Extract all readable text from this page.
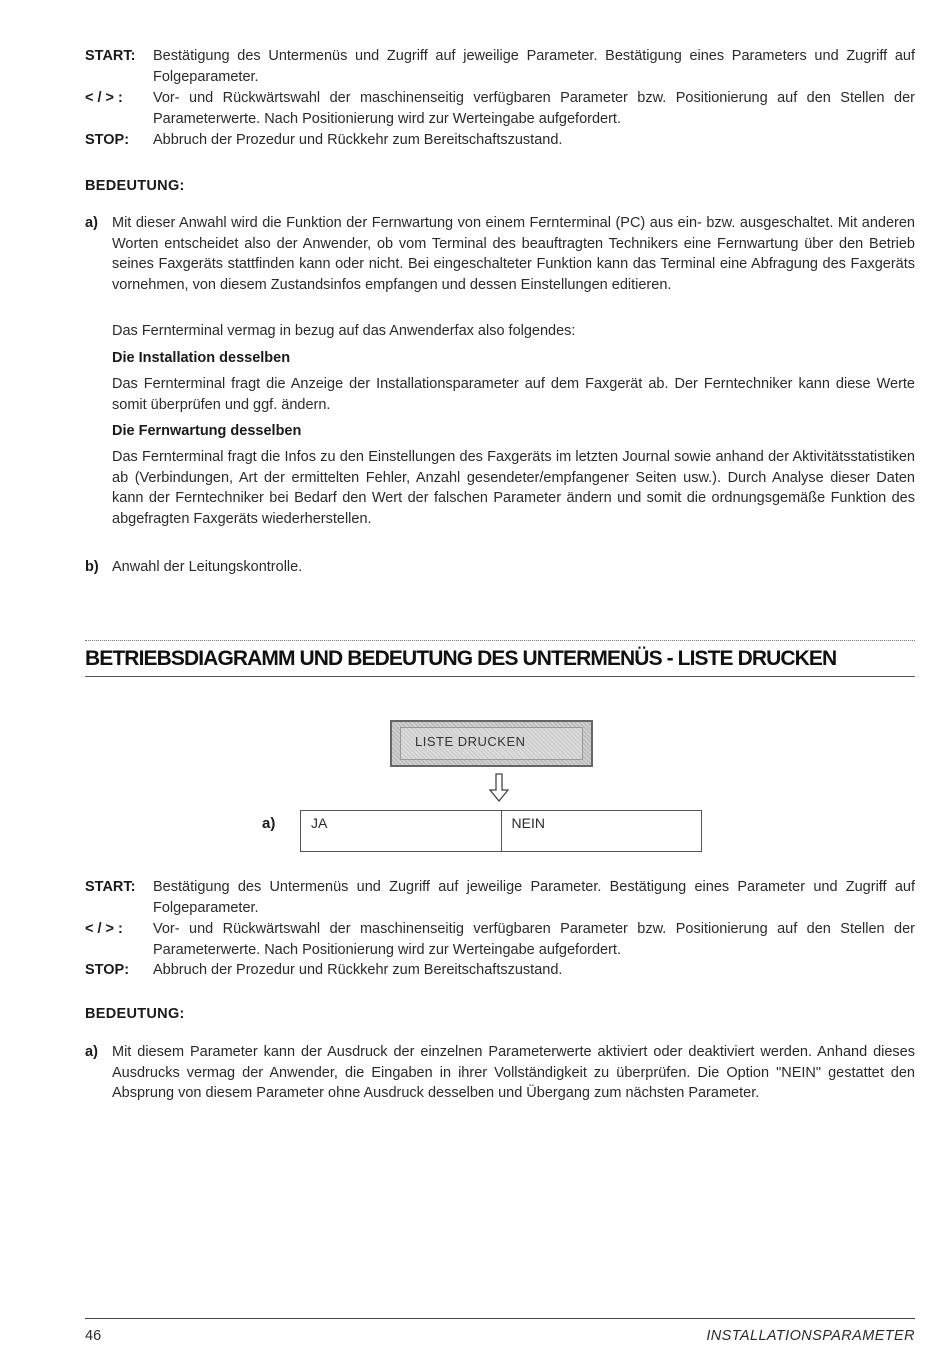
START: Bestätigung des Untermenüs und Zugriff auf jeweilige Parameter. Bestätigung eines Parameters und Zugriff auf Folgeparameter.
< / > : Vor- und Rückwärtswahl der maschinenseitig verfügbaren Parameter bzw. Positionierung auf den Stellen der Parameterwerte. Nach Positionierung wird zur Werteingabe aufgefordert.
STOP: Abbruch der Prozedur und Rückkehr zum Bereitschaftszustand.
BEDEUTUNG:
a) Mit dieser Anwahl wird die Funktion der Fernwartung von einem Fernterminal (PC) aus ein- bzw. ausgeschaltet. Mit anderen Worten entscheidet also der Anwender, ob vom Terminal des beauftragten Technikers eine Fernwartung über den Betrieb seines Faxgeräts stattfinden kann oder nicht. Bei eingeschalteter Funktion kann das Terminal eine Abfragung des Faxgeräts vornehmen, von diesem Zustandsinfos empfangen und dessen Einstellungen editieren.
Das Fernterminal vermag in bezug auf das Anwenderfax also folgendes:
Die Installation desselben
Das Fernterminal fragt die Anzeige der Installationsparameter auf dem Faxgerät ab. Der Ferntechniker kann diese Werte somit überprüfen und ggf. ändern.
Die Fernwartung desselben
Das Fernterminal fragt die Infos zu den Einstellungen des Faxgeräts im letzten Journal sowie anhand der Aktivitätsstatistiken ab (Verbindungen, Art der ermittelten Fehler, Anzahl gesendeter/empfangener Seiten usw.). Durch Analyse dieser Daten kann der Ferntechniker bei Bedarf den Wert der falschen Parameter ändern und somit die ordnungsgemäße Funktion des abgefragten Faxgeräts wiederherstellen.
b) Anwahl der Leitungskontrolle.
BETRIEBSDIAGRAMM UND BEDEUTUNG DES UNTERMENÜS - LISTE DRUCKEN
LISTE DRUCKEN
a)	JA	NEIN
START: Bestätigung des Untermenüs und Zugriff auf jeweilige Parameter. Bestätigung eines Parameter und Zugriff auf Folgeparameter.
< / > : Vor- und Rückwärtswahl der maschinenseitig verfügbaren Parameter bzw. Positionierung auf den Stellen der Parameterwerte. Nach Positionierung wird zur Werteingabe aufgefordert.
STOP: Abbruch der Prozedur und Rückkehr zum Bereitschaftszustand.
BEDEUTUNG:
a) Mit diesem Parameter kann der Ausdruck der einzelnen Parameterwerte aktiviert oder deaktiviert werden. Anhand dieses Ausdrucks vermag der Anwender, die Eingaben in ihrer Vollständigkeit zu überprüfen. Die Option "NEIN" gestattet den Absprung von diesem Parameter ohne Ausdruck desselben und Übergang zum nächsten Parameter.
46	INSTALLATIONSPARAMETER
